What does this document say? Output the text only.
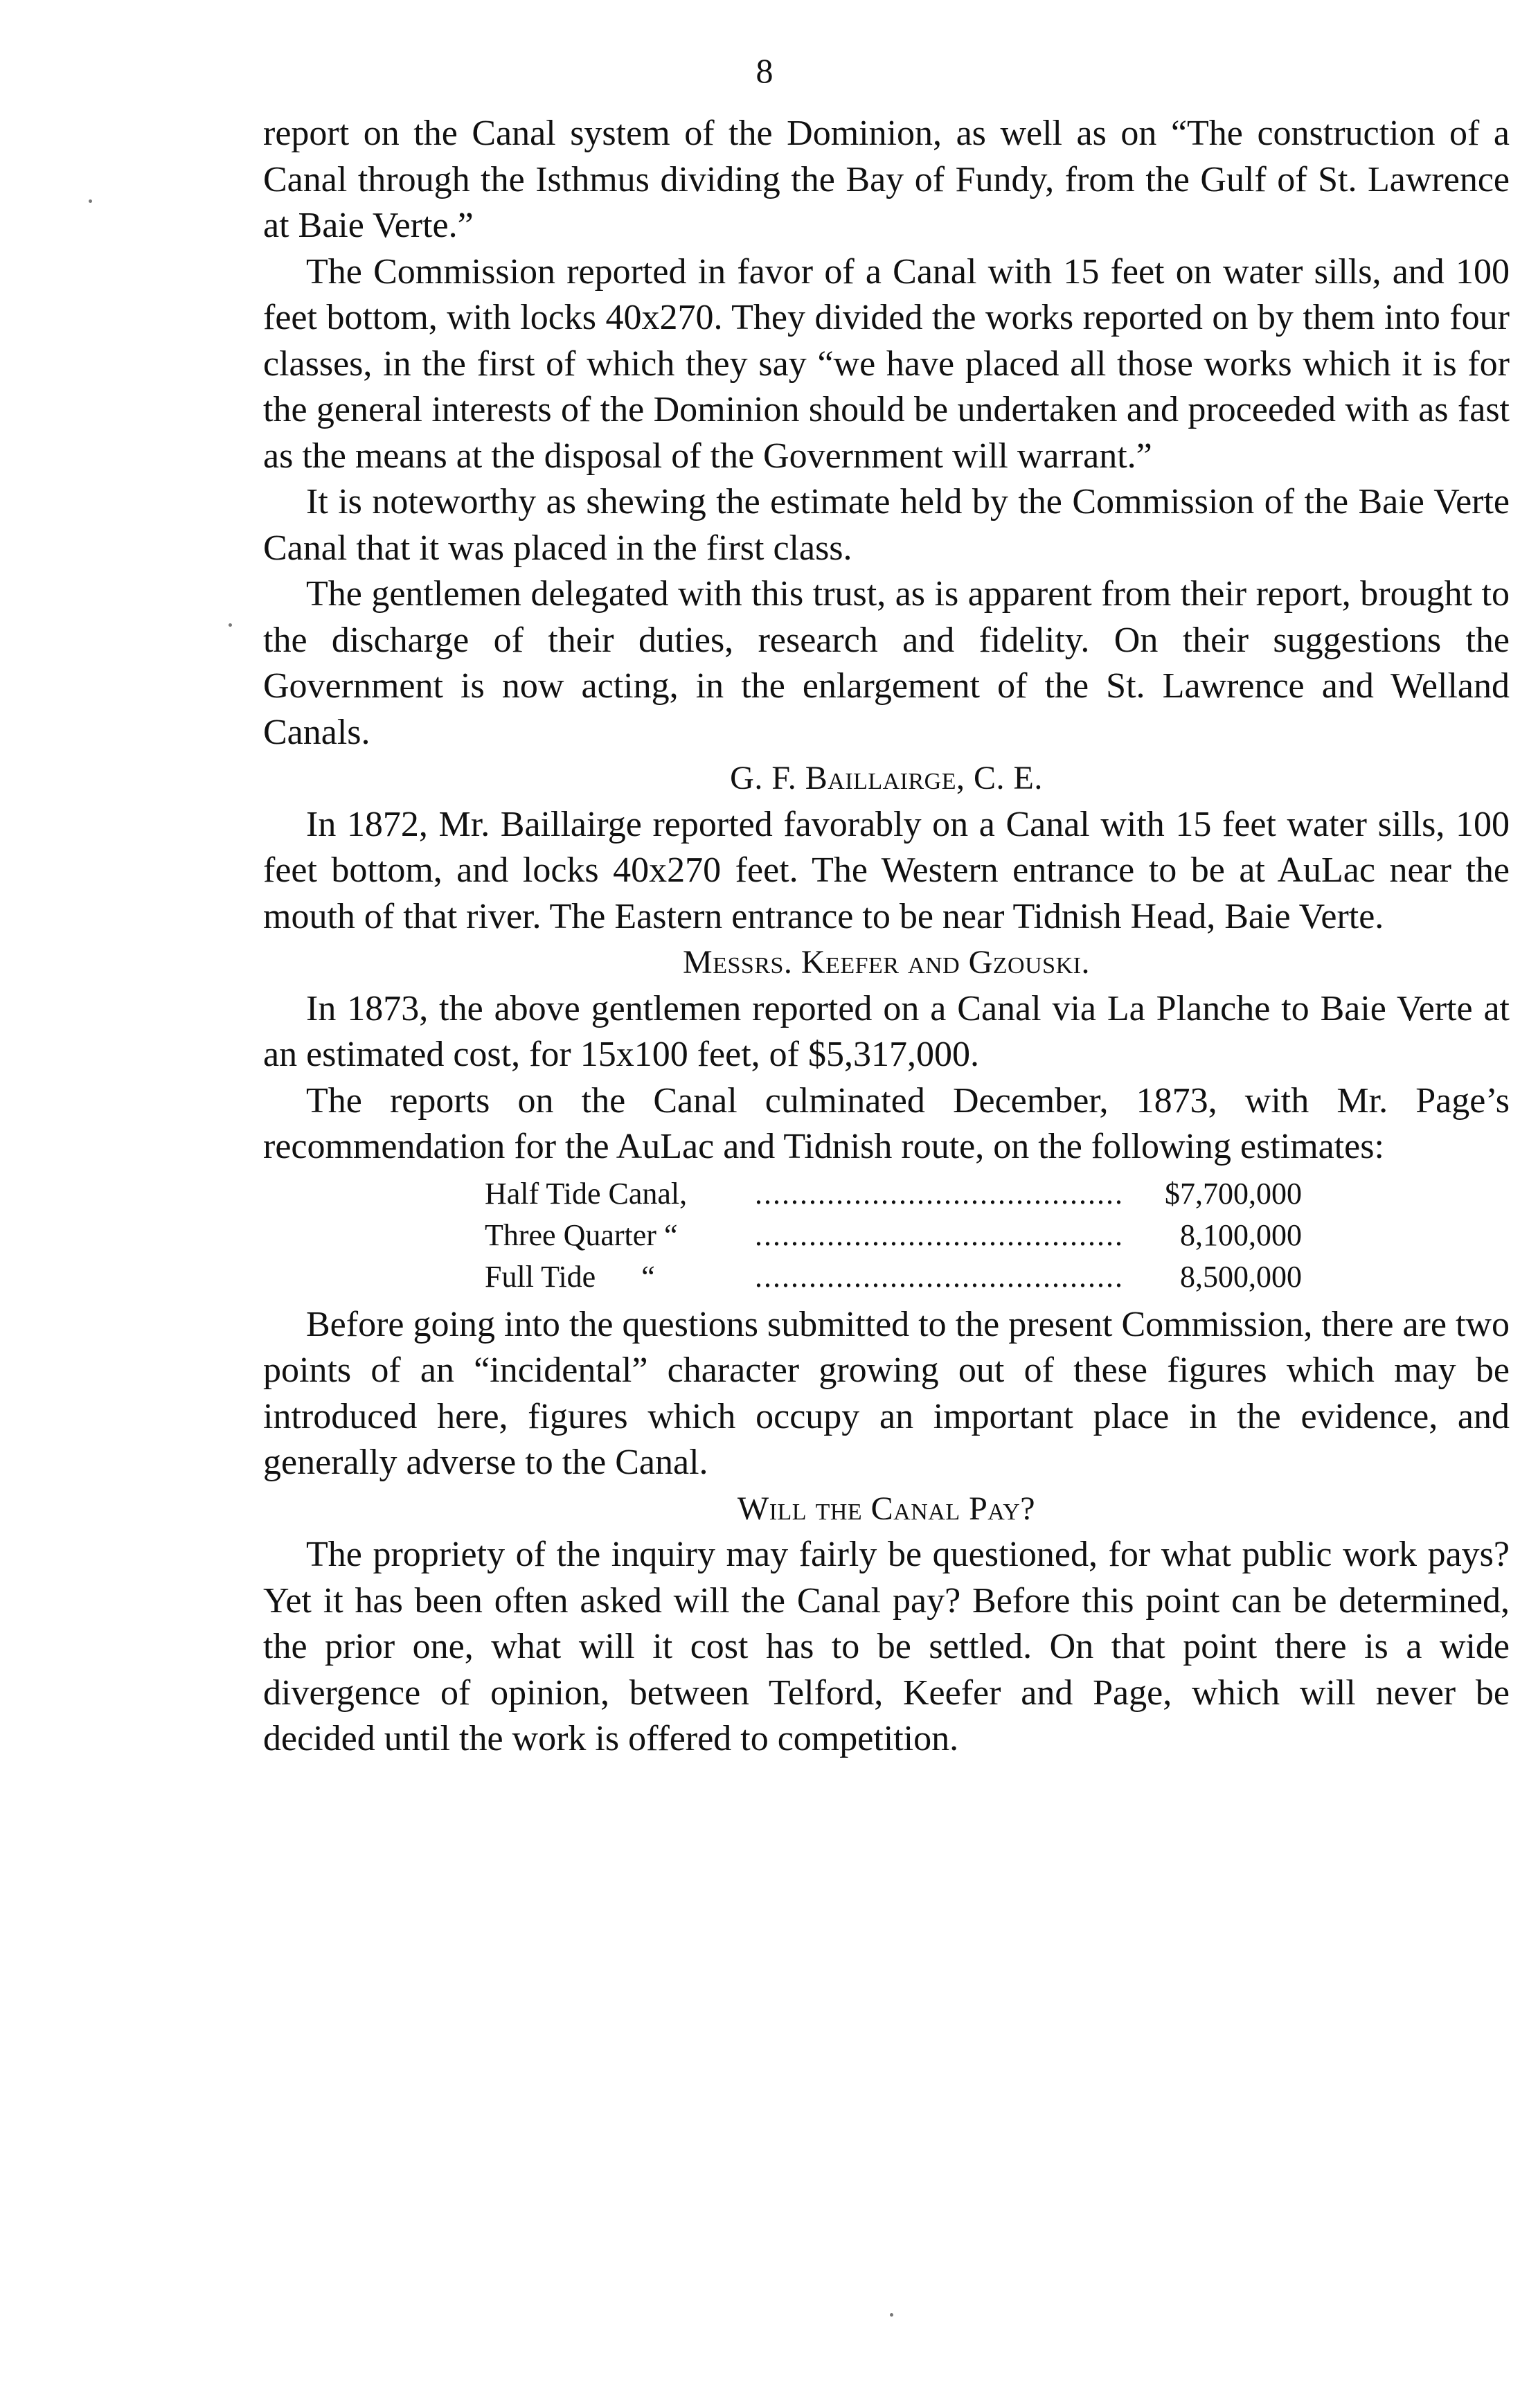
8

report on the Canal system of the Dominion, as well as on “The construction of a Canal through the Isthmus dividing the Bay of Fundy, from the Gulf of St. Lawrence at Baie Verte.”

The Commission reported in favor of a Canal with 15 feet on water sills, and 100 feet bottom, with locks 40x270. They divided the works reported on by them into four classes, in the first of which they say “we have placed all those works which it is for the general interests of the Dominion should be undertaken and proceeded with as fast as the means at the disposal of the Government will warrant.”

It is noteworthy as shewing the estimate held by the Commission of the Baie Verte Canal that it was placed in the first class.

The gentlemen delegated with this trust, as is apparent from their report, brought to the discharge of their duties, research and fidelity. On their suggestions the Government is now acting, in the enlargement of the St. Lawrence and Welland Canals.

G. F. Baillairge, C. E.

In 1872, Mr. Baillairge reported favorably on a Canal with 15 feet water sills, 100 feet bottom, and locks 40x270 feet. The Western entrance to be at AuLac near the mouth of that river. The Eastern entrance to be near Tidnish Head, Baie Verte.

Messrs. Keefer and Gzouski.

In 1873, the above gentlemen reported on a Canal via La Planche to Baie Verte at an estimated cost, for 15x100 feet, of $5,317,000.

The reports on the Canal culminated December, 1873, with Mr. Page’s recommendation for the AuLac and Tidnish route, on the following estimates:

Half Tide Canal, .....	$7,700,000
Three Quarter “ .....	8,100,000
Full Tide      “ .....	8,500,000

Before going into the questions submitted to the present Commission, there are two points of an “incidental” character growing out of these figures which may be introduced here, figures which occupy an important place in the evidence, and generally adverse to the Canal.

Will the Canal Pay?

The propriety of the inquiry may fairly be questioned, for what public work pays? Yet it has been often asked will the Canal pay? Before this point can be determined, the prior one, what will it cost has to be settled. On that point there is a wide divergence of opinion, between Telford, Keefer and Page, which will never be decided until the work is offered to competition.
